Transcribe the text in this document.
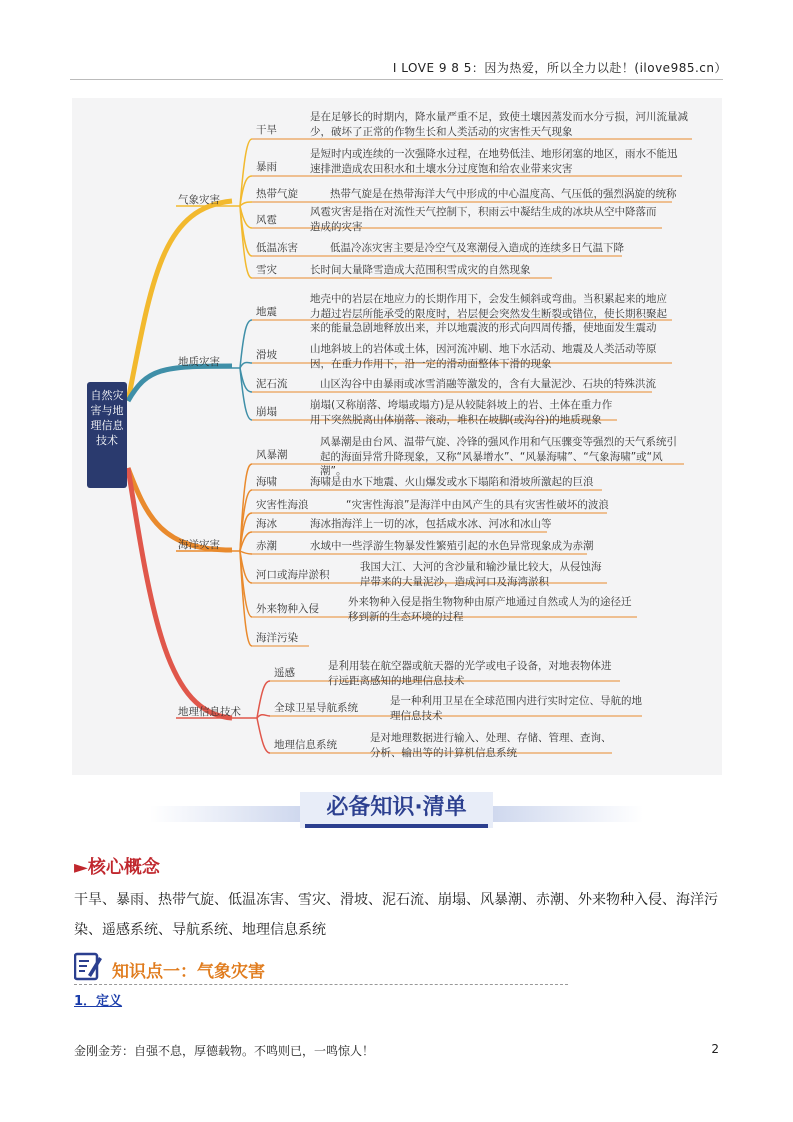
I LOVE 9 8 5：因为热爱，所以全力以赴！(ilove985.cn）
自然灾害与地理信息技术
气象灾害
地质灾害
海洋灾害
地理信息技术
干旱
是在足够长的时期内，降水量严重不足，致使土壤因蒸发而水分亏损，河川流量减少，破坏了正常的作物生长和人类活动的灾害性天气现象
暴雨
是短时内或连续的一次强降水过程，在地势低洼、地形闭塞的地区，雨水不能迅速排泄造成农田积水和土壤水分过度饱和给农业带来灾害
热带气旋	热带气旋是在热带海洋大气中形成的中心温度高、气压低的强烈涡旋的统称
风雹
风雹灾害是指在对流性天气控制下，积雨云中凝结生成的冰块从空中降落而造成的灾害
低温冻害	低温冷冻灾害主要是冷空气及寒潮侵入造成的连续多日气温下降
雪灾	长时间大量降雪造成大范围积雪成灾的自然现象
地震
地壳中的岩层在地应力的长期作用下，会发生倾斜或弯曲。当积累起来的地应力超过岩层所能承受的限度时，岩层便会突然发生断裂或错位，使长期积聚起来的能量急剧地释放出来，并以地震波的形式向四周传播，使地面发生震动
滑坡	山地斜坡上的岩体或土体，因河流冲刷、地下水活动、地震及人类活动等原因，在重力作用下，沿一定的滑动面整体下滑的现象
泥石流	山区沟谷中由暴雨或冰雪消融等激发的，含有大量泥沙、石块的特殊洪流
崩塌
崩塌(又称崩落、垮塌或塌方)是从较陡斜坡上的岩、土体在重力作用下突然脱离山体崩落、滚动，堆积在坡脚(或沟谷)的地质现象
风暴潮
风暴潮是由台风、温带气旋、冷锋的强风作用和气压骤变等强烈的天气系统引起的海面异常升降现象，又称“风暴增水”、“风暴海啸”、“气象海啸”或“风潮”。
海啸	海啸是由水下地震、火山爆发或水下塌陷和滑坡所激起的巨浪
灾害性海浪	“灾害性海浪”是海洋中由风产生的具有灾害性破坏的波浪
海冰	海冰指海洋上一切的冰，包括咸水冰、河冰和冰山等
赤潮	水域中一些浮游生物暴发性繁殖引起的水色异常现象成为赤潮
河口或海岸淤积
我国大江、大河的含沙量和输沙量比较大，从侵蚀海岸带来的大量泥沙，造成河口及海湾淤积
外来物种入侵
外来物种入侵是指生物物种由原产地通过自然或人为的途径迁移到新的生态环境的过程
海洋污染
遥感
是利用装在航空器或航天器的光学或电子设备，对地表物体进行远距离感知的地理信息技术
全球卫星导航系统
是一种利用卫星在全球范围内进行实时定位、导航的地理信息技术
地理信息系统
是对地理数据进行输入、处理、存储、管理、查询、分析、输出等的计算机信息系统
必备知识·清单
►核心概念
干旱、暴雨、热带气旋、低温冻害、雪灾、滑坡、泥石流、崩塌、风暴潮、赤潮、外来物种入侵、海洋污染、遥感系统、导航系统、地理信息系统
知识点一：气象灾害
1．定义
金刚金芳：自强不息，厚德载物。不鸣则已，一鸣惊人！	2
